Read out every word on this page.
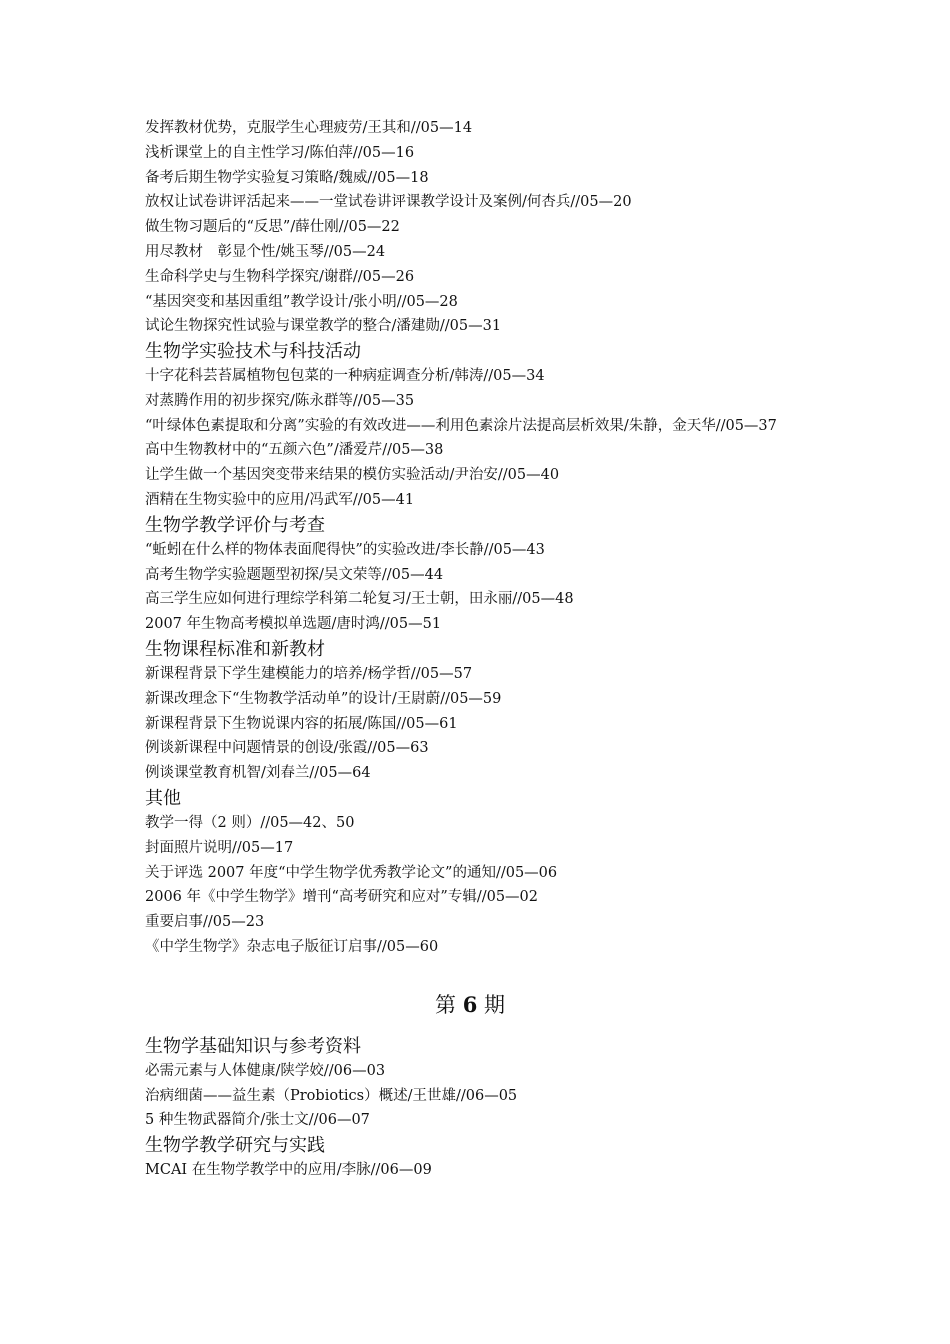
发挥教材优势，克服学生心理疲劳/王其和//05—14
浅析课堂上的自主性学习/陈伯萍//05—16
备考后期生物学实验复习策略/魏威//05—18
放权让试卷讲评活起来——一堂试卷讲评课教学设计及案例/何杏兵//05—20
做生物习题后的“反思”/薛仕刚//05—22
用尽教材　彰显个性/姚玉琴//05—24
生命科学史与生物科学探究/谢群//05—26
“基因突变和基因重组”教学设计/张小明//05—28
试论生物探究性试验与课堂教学的整合/潘建勋//05—31
生物学实验技术与科技活动
十字花科芸苔属植物包包菜的一种病症调查分析/韩涛//05—34
对蒸腾作用的初步探究/陈永群等//05—35
“叶绿体色素提取和分离”实验的有效改进——利用色素涂片法提高层析效果/朱静，金天华//05—37
高中生物教材中的“五颜六色”/潘爱芹//05—38
让学生做一个基因突变带来结果的模仿实验活动/尹治安//05—40
酒精在生物实验中的应用/冯武军//05—41
生物学教学评价与考查
“蚯蚓在什么样的物体表面爬得快”的实验改进/李长静//05—43
高考生物学实验题题型初探/吴文荣等//05—44
高三学生应如何进行理综学科第二轮复习/王士朝，田永丽//05—48
2007 年生物高考模拟单选题/唐时鸿//05—51
生物课程标准和新教材
新课程背景下学生建模能力的培养/杨学哲//05—57
新课改理念下“生物教学活动单”的设计/王尉蔚//05—59
新课程背景下生物说课内容的拓展/陈国//05—61
例谈新课程中问题情景的创设/张霞//05—63
例谈课堂教育机智/刘春兰//05—64
其他
教学一得（2 则）//05—42、50
封面照片说明//05—17
关于评选 2007 年度“中学生物学优秀教学论文”的通知//05—06
2006 年《中学生物学》增刊“高考研究和应对”专辑//05—02
重要启事//05—23
《中学生物学》杂志电子版征订启事//05—60
第 6 期
生物学基础知识与参考资料
必需元素与人体健康/陕学姣//06—03
治病细菌——益生素（Probiotics）概述/王世雄//06—05
5 种生物武器简介/张士文//06—07
生物学教学研究与实践
MCAI 在生物学教学中的应用/李脉//06—09
